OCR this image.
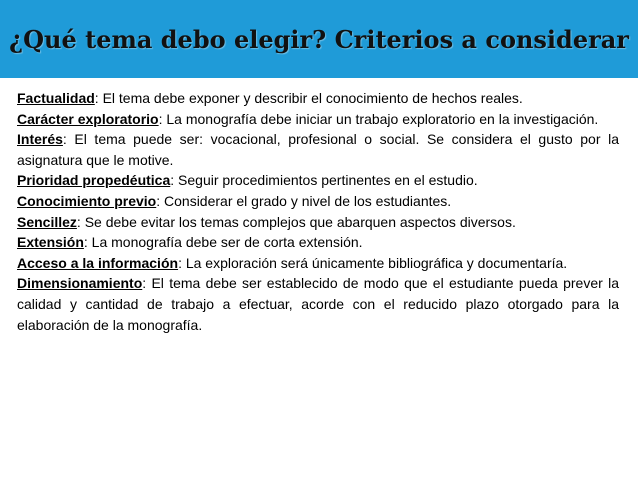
¿Qué tema debo elegir? Criterios a considerar

Factualidad: El tema debe exponer y describir el conocimiento de hechos reales.

Carácter exploratorio: La monografía debe iniciar un trabajo exploratorio en la investigación.

Interés: El tema puede ser: vocacional, profesional o social. Se considera el gusto por la asignatura que le motive.

Prioridad propedéutica: Seguir procedimientos pertinentes en el estudio.

Conocimiento previo: Considerar el grado y nivel de los estudiantes.

Sencillez: Se debe evitar los temas complejos que abarquen aspectos diversos.

Extensión: La monografía debe ser de corta extensión.

Acceso a la información: La exploración será únicamente bibliográfica y documentaría.

Dimensionamiento: El tema debe ser establecido de modo que el estudiante pueda prever la calidad y cantidad de trabajo a efectuar, acorde con el reducido plazo otorgado para la elaboración de la monografía.
